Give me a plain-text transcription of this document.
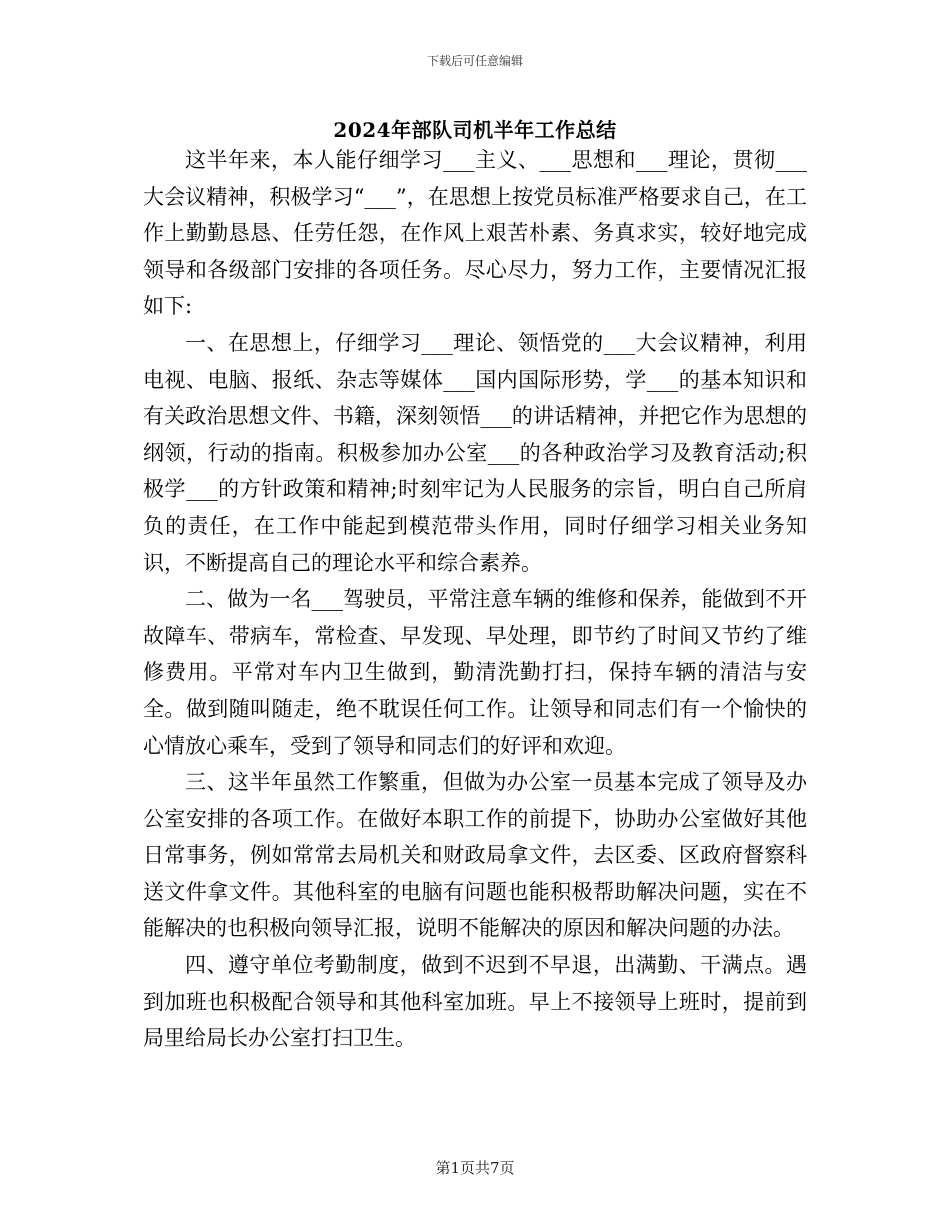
下载后可任意编辑
2024年部队司机半年工作总结

这半年来，本人能仔细学习___主义、___思想和___理论，贯彻___大会议精神，积极学习“___”，在思想上按党员标准严格要求自己，在工作上勤勤恳恳、任劳任怨，在作风上艰苦朴素、务真求实，较好地完成领导和各级部门安排的各项任务。尽心尽力，努力工作，主要情况汇报如下:

一、在思想上，仔细学习___理论、领悟党的___大会议精神，利用电视、电脑、报纸、杂志等媒体___国内国际形势，学___的基本知识和有关政治思想文件、书籍，深刻领悟___的讲话精神，并把它作为思想的纲领，行动的指南。积极参加办公室___的各种政治学习及教育活动;积极学___的方针政策和精神;时刻牢记为人民服务的宗旨，明白自己所肩负的责任，在工作中能起到模范带头作用，同时仔细学习相关业务知识，不断提高自己的理论水平和综合素养。

二、做为一名___驾驶员，平常注意车辆的维修和保养，能做到不开故障车、带病车，常检查、早发现、早处理，即节约了时间又节约了维修费用。平常对车内卫生做到，勤清洗勤打扫，保持车辆的清洁与安全。做到随叫随走，绝不耽误任何工作。让领导和同志们有一个愉快的心情放心乘车，受到了领导和同志们的好评和欢迎。

三、这半年虽然工作繁重，但做为办公室一员基本完成了领导及办公室安排的各项工作。在做好本职工作的前提下，协助办公室做好其他日常事务，例如常常去局机关和财政局拿文件，去区委、区政府督察科送文件拿文件。其他科室的电脑有问题也能积极帮助解决问题，实在不能解决的也积极向领导汇报，说明不能解决的原因和解决问题的办法。

四、遵守单位考勤制度，做到不迟到不早退，出满勤、干满点。遇到加班也积极配合领导和其他科室加班。早上不接领导上班时，提前到局里给局长办公室打扫卫生。

第1页共7页
